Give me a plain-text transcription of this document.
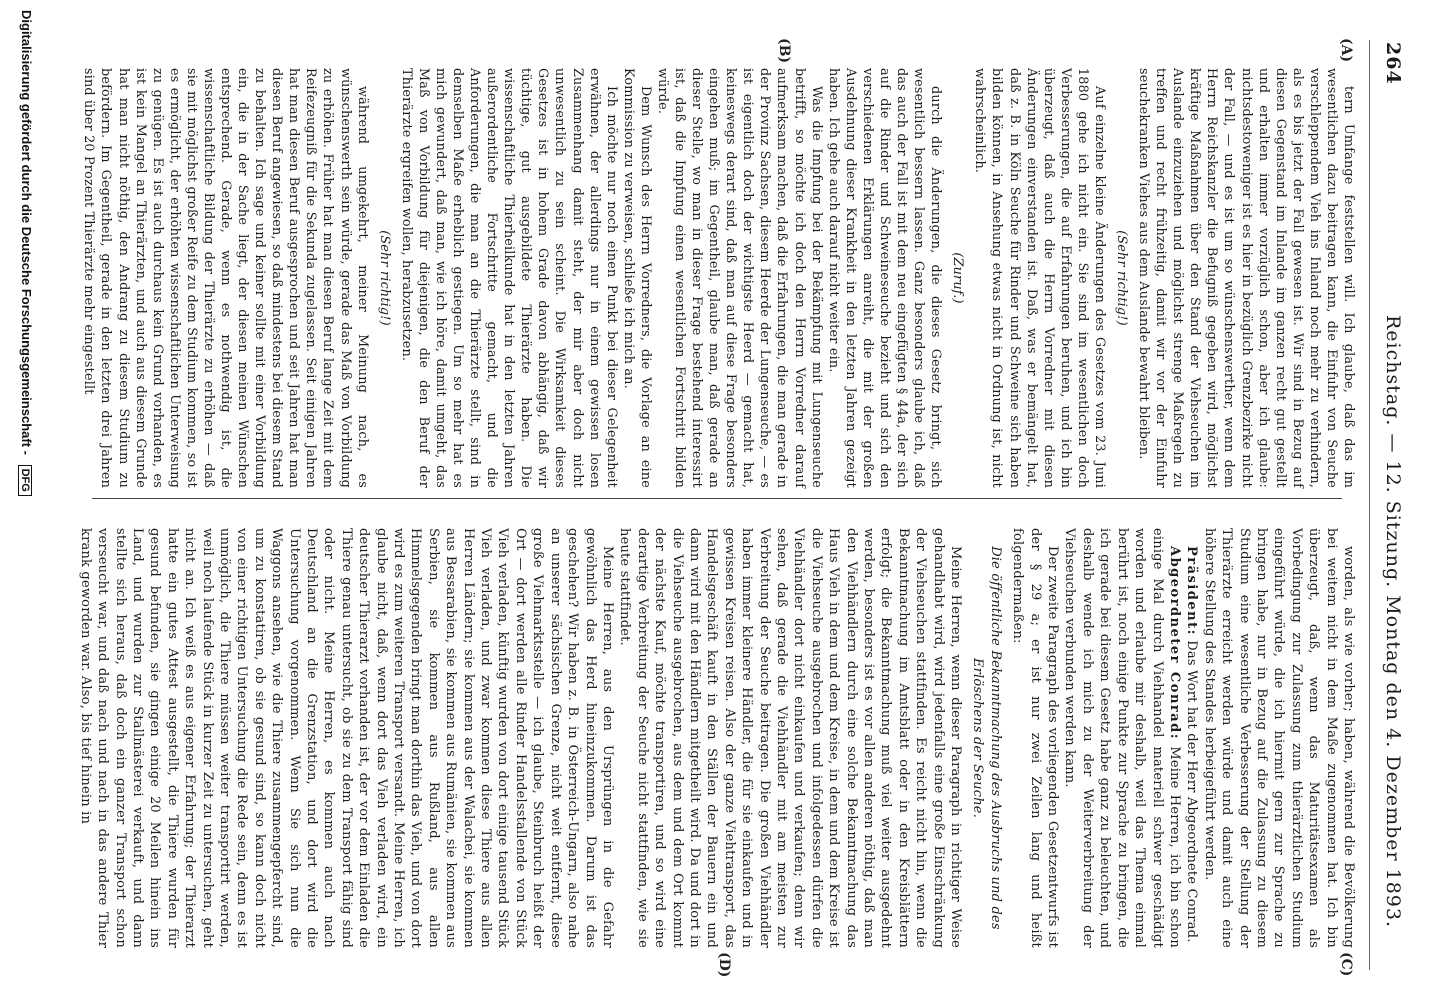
264
Reichstag. — 12. Sitzung. Montag den 4. Dezember 1893.
(A)
(B)
(C)
(D)

tern Umfange feststellen will. Ich glaube, daß das im wesentlichen dazu beitragen kann, die Einfuhr von Seuche verschleppendem Vieh ins Inland noch mehr zu verhindern, als es bis jetzt der Fall gewesen ist. Wir sind in Bezug auf diesen Gegenstand im Inlande im ganzen recht gut gestellt und erhalten immer vorzüglich schon, aber ich glaube: nichtsdestoweniger ist es hier in bezüglich Grenzbezirke nicht der Fall, — und es ist um so wünschenswerther, wenn dem Herrn Reichskanzler die Befugniß gegeben wird, möglichst kräftige Maßnahmen über den Stand der Viehseuchen im Auslande einzuziehen und möglichst strenge Maßregeln zu treffen und recht frühzeitig, damit wir vor der Einfuhr seuchekranken Viehes aus dem Auslande bewahrt bleiben.

(Sehr richtig!)

Auf einzelne kleine Änderungen des Gesetzes vom 23. Juni 1880 gehe ich nicht ein. Sie sind im wesentlichen doch Verbesserungen, die auf Erfahrungen beruhen, und ich bin überzeugt, daß auch die Herrn Vorredner mit diesen Änderungen einverstanden ist. Daß, was er bemängelt hat, daß z. B. in Köln Seuche für Rinder und Schweine sich haben bilden können, in Ansehung etwas nicht in Ordnung ist, nicht wahrscheinlich.

(Zuruf.)

durch die Änderungen, die dieses Gesetz bringt, sich wesentlich bessern lassen. Ganz besonders glaube ich, daß das auch der Fall ist mit dem neu eingefügten § 44a, der sich auf die Rinder und Schweineseuche bezieht und sich den verschiedenen Erklärungen anreiht, die mit der großen Ausdehnung dieser Krankheit in den letzten Jahren gezeigt haben. Ich gehe auch darauf nicht weiter ein.

Was die Impfung bei der Bekämpfung mit Lungenseuche betrifft, so möchte ich doch den Herrn Vorredner darauf aufmerksam machen, daß die Erfahrungen, die man gerade in der Provinz Sachsen, diesem Heerde der Lungenseuche, — es ist eigentlich doch der wichtigste Heerd — gemacht hat, keineswegs derart sind, daß man auf diese Frage besonders eingehen muß; im Gegentheil, glaube man, daß gerade an dieser Stelle, wo man in dieser Frage bestehend interessirt ist, daß die Impfung einen wesentlichen Fortschritt bilden würde.

Dem Wunsch des Herrn Vorredners, die Vorlage an eine Kommission zu verweisen, schließe ich mich an.

Ich möchte nur noch einen Punkt bei dieser Gelegenheit erwähnen, der allerdings nur in einem gewissen losen Zusammenhang damit steht, der mir aber doch nicht unwesentlich zu sein scheint. Die Wirksamkeit dieses Gesetzes ist in hohem Grade davon abhängig, daß wir tüchtige, gut ausgebildete Thierärzte haben. Die wissenschaftliche Thierheilkunde hat in den letzten Jahren außerordentliche Fortschritte gemacht, und die Anforderungen, die man an die Thierärzte stellt, sind in demselben Maße erheblich gestiegen. Um so mehr hat es mich gewundert, daß man, wie ich höre, damit umgeht, das Maß von Vorbildung für diejenigen, die den Beruf der Thierärzte ergreifen wollen, herabzusetzen.

(Sehr richtig!)

während umgekehrt, meiner Meinung nach, es wünschenswerth sein würde, gerade das Maß von Vorbildung zu erhöhen. Früher hat man diesen Beruf lange Zeit mit dem Reifezeugniß für die Sekunda zugelassen. Seit einigen Jahren hat man diesen Beruf ausgesprochen und seit Jahren hat man diesen Beruf angewiesen, so daß mindestens bei diesem Stand zu behalten. Ich sage und keiner sollte mit einer Vorbildung ein, die in der Sache liegt, der diesen meinen Wünschen entsprechend. Gerade, wenn es nothwendig ist, die wissenschaftliche Bildung der Thierärzte zu erhöhen — daß sie mit möglichst großer Reife zu dem Studium kommen, so ist es ermöglicht, der erhöhten wissenschaftlichen Unterweisung zu genügen. Es ist auch durchaus kein Grund vorhanden, es ist kein Mangel an Thierärzten, und auch aus diesem Grunde hat man nicht nöthig, den Andrang zu diesem Studium zu befördern. Im Gegentheil, gerade in den letzten drei Jahren sind über 20 Prozent Thierärzte mehr eingestellt

worden, als wie vorher; haben, während die Bevölkerung bei weitem nicht in dem Maße zugenommen hat. Ich bin überzeugt, daß, wenn das Maturitätsexamen als Vorbedingung zur Zulassung zum thierärztlichen Studium eingeführt würde, die ich hiermit gern zur Sprache zu bringen habe, nur in Bezug auf die Zulassung zu diesem Studium eine wesentliche Verbesserung der Stellung der Thierärzte erreicht werden würde und damit auch eine höhere Stellung des Standes herbeigeführt werden.

Präsident: Das Wort hat der Herr Abgeordnete Conrad.

Abgeordneter Conrad: Meine Herren, ich bin schon einige Mal durch Viehhandel materiell schwer geschädigt worden und erlaube mir deshalb, weil das Thema einmal berührt ist, noch einige Punkte zur Sprache zu bringen, die ich gerade bei diesem Gesetz habe ganz zu beleuchten, und deshalb wende ich mich zu der Weiterverbreitung der Viehseuchen verbunden werden kann.

Der zweite Paragraph des vorliegenden Gesetzentwurfs ist der § 29 a; er ist nur zwei Zeilen lang und heißt folgendermaßen:

Die öffentliche Bekanntmachung des Ausbruchs und des Erlöschens der Seuche.

Meine Herren, wenn dieser Paragraph in richtiger Weise gehandhabt wird, wird jedenfalls eine große Einschränkung der Viehseuchen stattfinden. Es reicht nicht hin, wenn die Bekanntmachung im Amtsblatt oder in den Kreisblättern erfolgt; die Bekanntmachung muß viel weiter ausgedehnt werden, besonders ist es vor allen anderen nöthig, daß man den Viehhändlern durch eine solche Bekanntmachung das Haus Vieh in dem und dem Kreise, in dem und dem Kreise ist die Viehseuche ausgebrochen und infolgedessen dürfen die Viehhändler dort nicht einkaufen und verkaufen; denn wir sehen, daß gerade die Viehhändler mit am meisten zur Verbreitung der Seuche beitragen. Die großen Viehhändler haben immer kleinere Händler, die für sie einkaufen und in gewissen Kreisen reisen. Also der ganze Viehtransport, das Handelsgeschäft kauft in den Ställen der Bauern ein und dann wird mit den Händlern mitgetheilt wird. Da und dort in die Viehseuche ausgebrochen, aus dem und dem Ort kommt der nächste Kauf, möchte transportiren, und so wird eine derartige Verbreitung der Seuche nicht stattfinden, wie sie heute stattfindet.

Meine Herren, aus den Ursprüngen in die Gefahr gewöhnlich das Herd hineinzukommen. Darum ist das geschehen? Wir haben z. B. in Österreich-Ungarn, also nahe an unserer sächsischen Grenze, nicht weit entfernt, diese große Viehmarktsstelle — ich glaube, Steinbruch heißt der Ort — dort werden alle Rinder Handelsstallende von Stück Vieh verladen, künftig wurden von dort einige tausend Stück Vieh verladen, und zwar kommen diese Thiere aus allen Herren Ländern; sie kommen aus der Walachei, sie kommen aus Bessarabien, sie kommen aus Rumänien, sie kommen aus Serbien, sie kommen aus Rußland, aus allen Himmelsgegenden bringt man dorthin das Vieh, und von dort wird es zum weiteren Transport versandt. Meine Herren, ich glaube nicht, daß, wenn dort das Vieh verladen wird, ein deutscher Thierarzt vorhanden ist, der vor dem Einladen die Thiere genau untersucht, ob sie zu dem Transport fähig sind oder nicht. Meine Herren, es kommen auch nach Deutschland an die Grenzstation, und dort wird die Untersuchung vorgenommen. Wenn Sie sich nun die Waggons ansehen, wie die Thiere zusammengepfercht sind, um zu konstatiren, ob sie gesund sind, so kann doch nicht von einer richtigen Untersuchung die Rede sein, denn es ist unmöglich, die Thiere müssen weiter transportirt werden, weil noch laufende Stück in kurzer Zeit zu untersuchen, geht nicht an. Ich weiß es aus eigener Erfahrung; der Thierarzt hatte ein gutes Attest ausgestellt, die Thiere wurden für gesund befunden, sie gingen einige 20 Meilen hinein ins Land, und wurden zur Stallmästerei verkauft, und dann stellte sich heraus, daß doch ein ganzer Transport schon verseucht war, und daß nach und nach in das andere Thier krank geworden war. Also, bis tief hinein in

Digitalisierung gefördert durch die Deutsche Forschungsgemeinschaft - DFG
